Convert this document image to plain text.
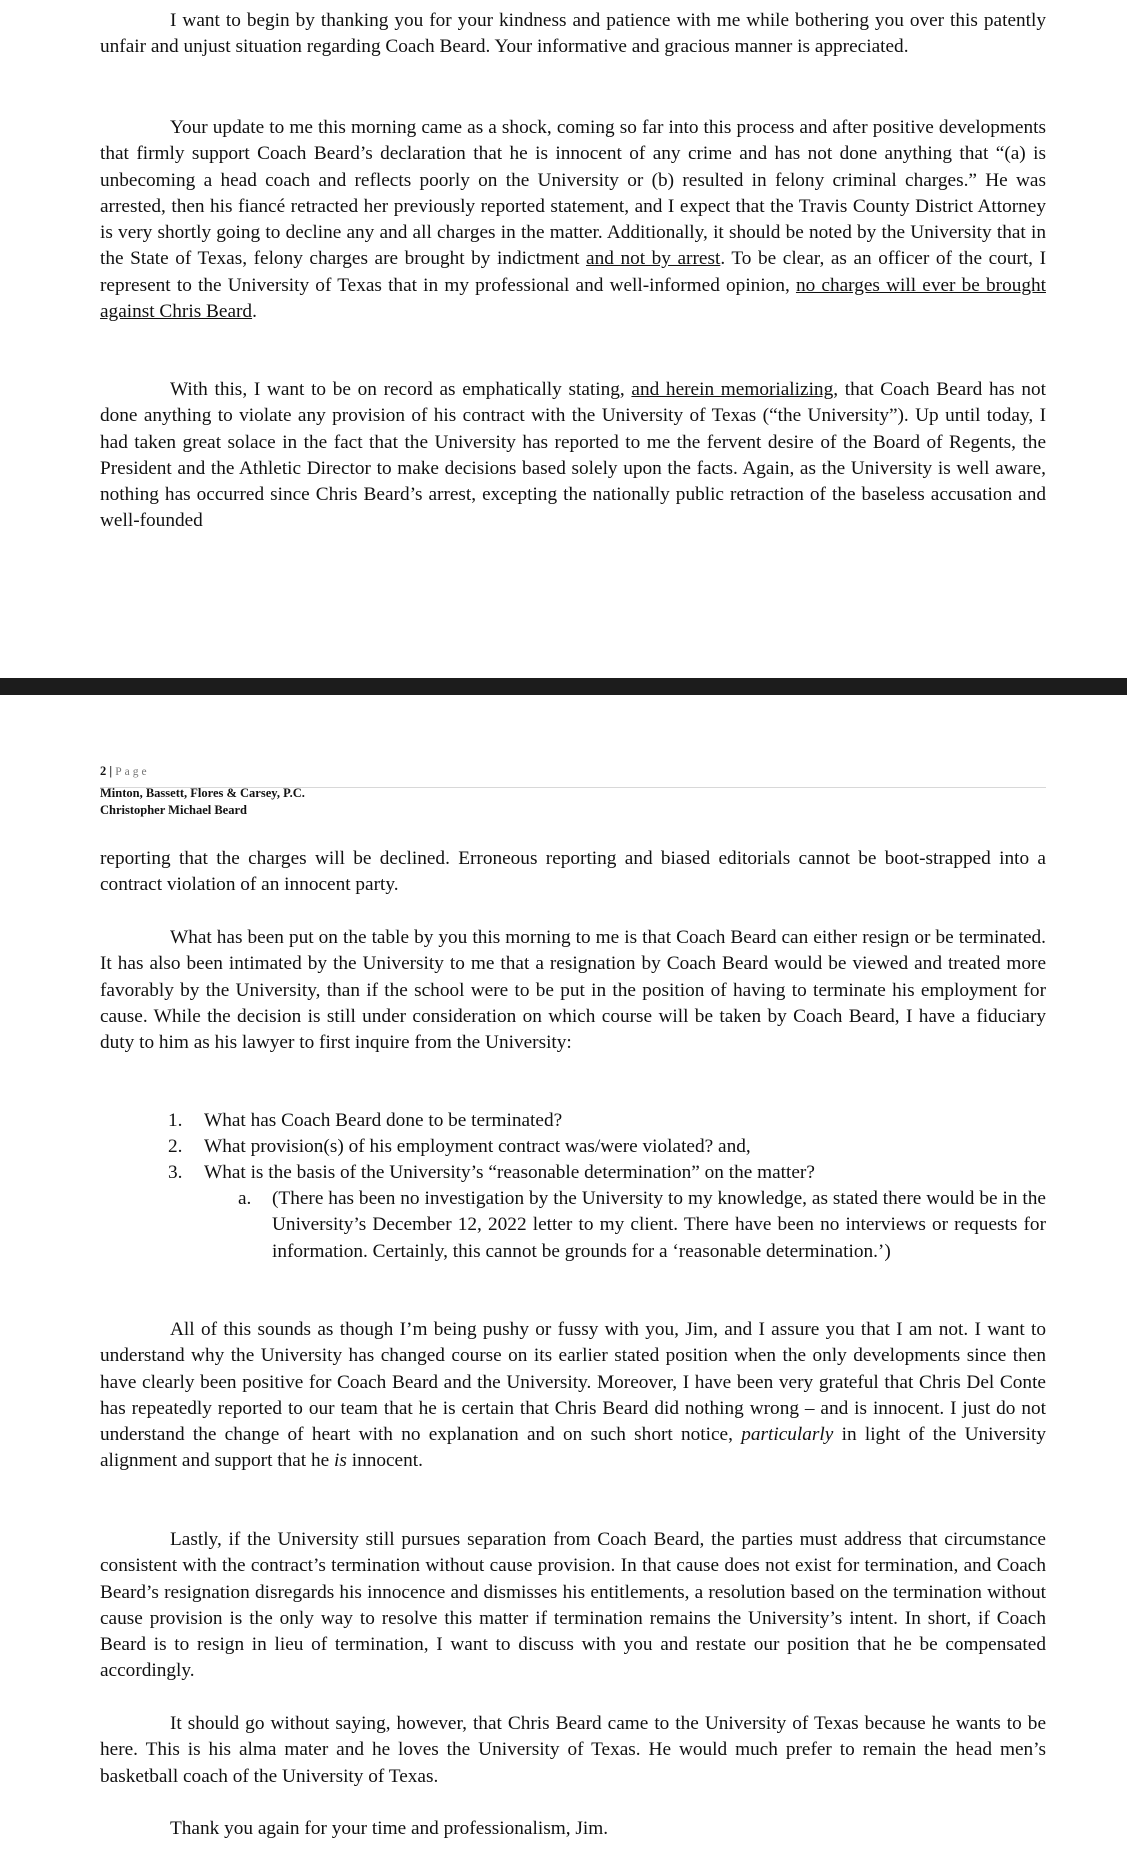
I want to begin by thanking you for your kindness and patience with me while bothering you over this patently unfair and unjust situation regarding Coach Beard. Your informative and gracious manner is appreciated.

Your update to me this morning came as a shock, coming so far into this process and after positive developments that firmly support Coach Beard’s declaration that he is innocent of any crime and has not done anything that “(a) is unbecoming a head coach and reflects poorly on the University or (b) resulted in felony criminal charges.” He was arrested, then his fiancé retracted her previously reported statement, and I expect that the Travis County District Attorney is very shortly going to decline any and all charges in the matter. Additionally, it should be noted by the University that in the State of Texas, felony charges are brought by indictment and not by arrest. To be clear, as an officer of the court, I represent to the University of Texas that in my professional and well-informed opinion, no charges will ever be brought against Chris Beard.

With this, I want to be on record as emphatically stating, and herein memorializing, that Coach Beard has not done anything to violate any provision of his contract with the University of Texas (“the University”). Up until today, I had taken great solace in the fact that the University has reported to me the fervent desire of the Board of Regents, the President and the Athletic Director to make decisions based solely upon the facts. Again, as the University is well aware, nothing has occurred since Chris Beard’s arrest, excepting the nationally public retraction of the baseless accusation and well-founded

2 | Page
Minton, Bassett, Flores & Carsey, P.C.
Christopher Michael Beard

reporting that the charges will be declined. Erroneous reporting and biased editorials cannot be boot-strapped into a contract violation of an innocent party.

What has been put on the table by you this morning to me is that Coach Beard can either resign or be terminated. It has also been intimated by the University to me that a resignation by Coach Beard would be viewed and treated more favorably by the University, than if the school were to be put in the position of having to terminate his employment for cause. While the decision is still under consideration on which course will be taken by Coach Beard, I have a fiduciary duty to him as his lawyer to first inquire from the University:

1. What has Coach Beard done to be terminated?
2. What provision(s) of his employment contract was/were violated? and,
3. What is the basis of the University’s “reasonable determination” on the matter?
a. (There has been no investigation by the University to my knowledge, as stated there would be in the University’s December 12, 2022 letter to my client. There have been no interviews or requests for information. Certainly, this cannot be grounds for a ‘reasonable determination.’)

All of this sounds as though I’m being pushy or fussy with you, Jim, and I assure you that I am not. I want to understand why the University has changed course on its earlier stated position when the only developments since then have clearly been positive for Coach Beard and the University. Moreover, I have been very grateful that Chris Del Conte has repeatedly reported to our team that he is certain that Chris Beard did nothing wrong – and is innocent. I just do not understand the change of heart with no explanation and on such short notice, particularly in light of the University alignment and support that he is innocent.

Lastly, if the University still pursues separation from Coach Beard, the parties must address that circumstance consistent with the contract’s termination without cause provision. In that cause does not exist for termination, and Coach Beard’s resignation disregards his innocence and dismisses his entitlements, a resolution based on the termination without cause provision is the only way to resolve this matter if termination remains the University’s intent. In short, if Coach Beard is to resign in lieu of termination, I want to discuss with you and restate our position that he be compensated accordingly.

It should go without saying, however, that Chris Beard came to the University of Texas because he wants to be here. This is his alma mater and he loves the University of Texas. He would much prefer to remain the head men’s basketball coach of the University of Texas.

Thank you again for your time and professionalism, Jim.
